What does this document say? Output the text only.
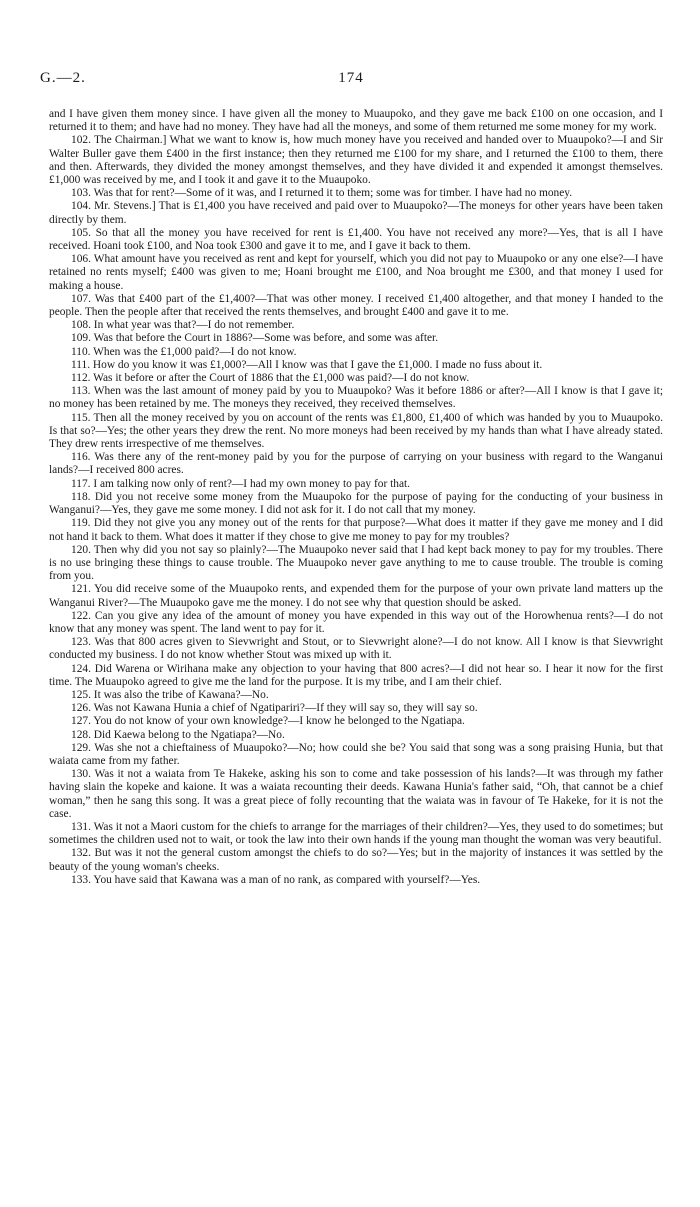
G.—2.	174

and I have given them money since. I have given all the money to Muaupoko, and they gave me back £100 on one occasion, and I returned it to them; and have had no money. They have had all the moneys, and some of them returned me some money for my work.

102. The Chairman.] What we want to know is, how much money have you received and handed over to Muaupoko?—I and Sir Walter Buller gave them £400 in the first instance; then they returned me £100 for my share, and I returned the £100 to them, there and then. Afterwards, they divided the money amongst themselves, and they have divided it and expended it amongst themselves. £1,000 was received by me, and I took it and gave it to the Muaupoko.

103. Was that for rent?—Some of it was, and I returned it to them; some was for timber. I have had no money.

104. Mr. Stevens.] That is £1,400 you have received and paid over to Muaupoko?—The moneys for other years have been taken directly by them.

105. So that all the money you have received for rent is £1,400. You have not received any more?—Yes, that is all I have received. Hoani took £100, and Noa took £300 and gave it to me, and I gave it back to them.

106. What amount have you received as rent and kept for yourself, which you did not pay to Muaupoko or any one else?—I have retained no rents myself; £400 was given to me; Hoani brought me £100, and Noa brought me £300, and that money I used for making a house.

107. Was that £400 part of the £1,400?—That was other money. I received £1,400 altogether, and that money I handed to the people. Then the people after that received the rents themselves, and brought £400 and gave it to me.

108. In what year was that?—I do not remember.

109. Was that before the Court in 1886?—Some was before, and some was after.

110. When was the £1,000 paid?—I do not know.

111. How do you know it was £1,000?—All I know was that I gave the £1,000. I made no fuss about it.

112. Was it before or after the Court of 1886 that the £1,000 was paid?—I do not know.

113. When was the last amount of money paid by you to Muaupoko? Was it before 1886 or after?—All I know is that I gave it; no money has been retained by me. The moneys they received, they received themselves.

115. Then all the money received by you on account of the rents was £1,800, £1,400 of which was handed by you to Muaupoko. Is that so?—Yes; the other years they drew the rent. No more moneys had been received by my hands than what I have already stated. They drew rents irrespective of me themselves.

116. Was there any of the rent-money paid by you for the purpose of carrying on your business with regard to the Wanganui lands?—I received 800 acres.

117. I am talking now only of rent?—I had my own money to pay for that.

118. Did you not receive some money from the Muaupoko for the purpose of paying for the conducting of your business in Wanganui?—Yes, they gave me some money. I did not ask for it. I do not call that my money.

119. Did they not give you any money out of the rents for that purpose?—What does it matter if they gave me money and I did not hand it back to them. What does it matter if they chose to give me money to pay for my troubles?

120. Then why did you not say so plainly?—The Muaupoko never said that I had kept back money to pay for my troubles. There is no use bringing these things to cause trouble. The Muaupoko never gave anything to me to cause trouble. The trouble is coming from you.

121. You did receive some of the Muaupoko rents, and expended them for the purpose of your own private land matters up the Wanganui River?—The Muaupoko gave me the money. I do not see why that question should be asked.

122. Can you give any idea of the amount of money you have expended in this way out of the Horowhenua rents?—I do not know that any money was spent. The land went to pay for it.

123. Was that 800 acres given to Sievwright and Stout, or to Sievwright alone?—I do not know. All I know is that Sievwright conducted my business. I do not know whether Stout was mixed up with it.

124. Did Warena or Wirihana make any objection to your having that 800 acres?—I did not hear so. I hear it now for the first time. The Muaupoko agreed to give me the land for the purpose. It is my tribe, and I am their chief.

125. It was also the tribe of Kawana?—No.

126. Was not Kawana Hunia a chief of Ngatipariri?—If they will say so, they will say so.

127. You do not know of your own knowledge?—I know he belonged to the Ngatiapa.

128. Did Kaewa belong to the Ngatiapa?—No.

129. Was she not a chieftainess of Muaupoko?—No; how could she be? You said that song was a song praising Hunia, but that waiata came from my father.

130. Was it not a waiata from Te Hakeke, asking his son to come and take possession of his lands?—It was through my father having slain the kopeke and kaione. It was a waiata recounting their deeds. Kawana Hunia's father said, “Oh, that cannot be a chief woman,” then he sang this song. It was a great piece of folly recounting that the waiata was in favour of Te Hakeke, for it is not the case.

131. Was it not a Maori custom for the chiefs to arrange for the marriages of their children?—Yes, they used to do sometimes; but sometimes the children used not to wait, or took the law into their own hands if the young man thought the woman was very beautiful.

132. But was it not the general custom amongst the chiefs to do so?—Yes; but in the majority of instances it was settled by the beauty of the young woman's cheeks.

133. You have said that Kawana was a man of no rank, as compared with yourself?—Yes.
